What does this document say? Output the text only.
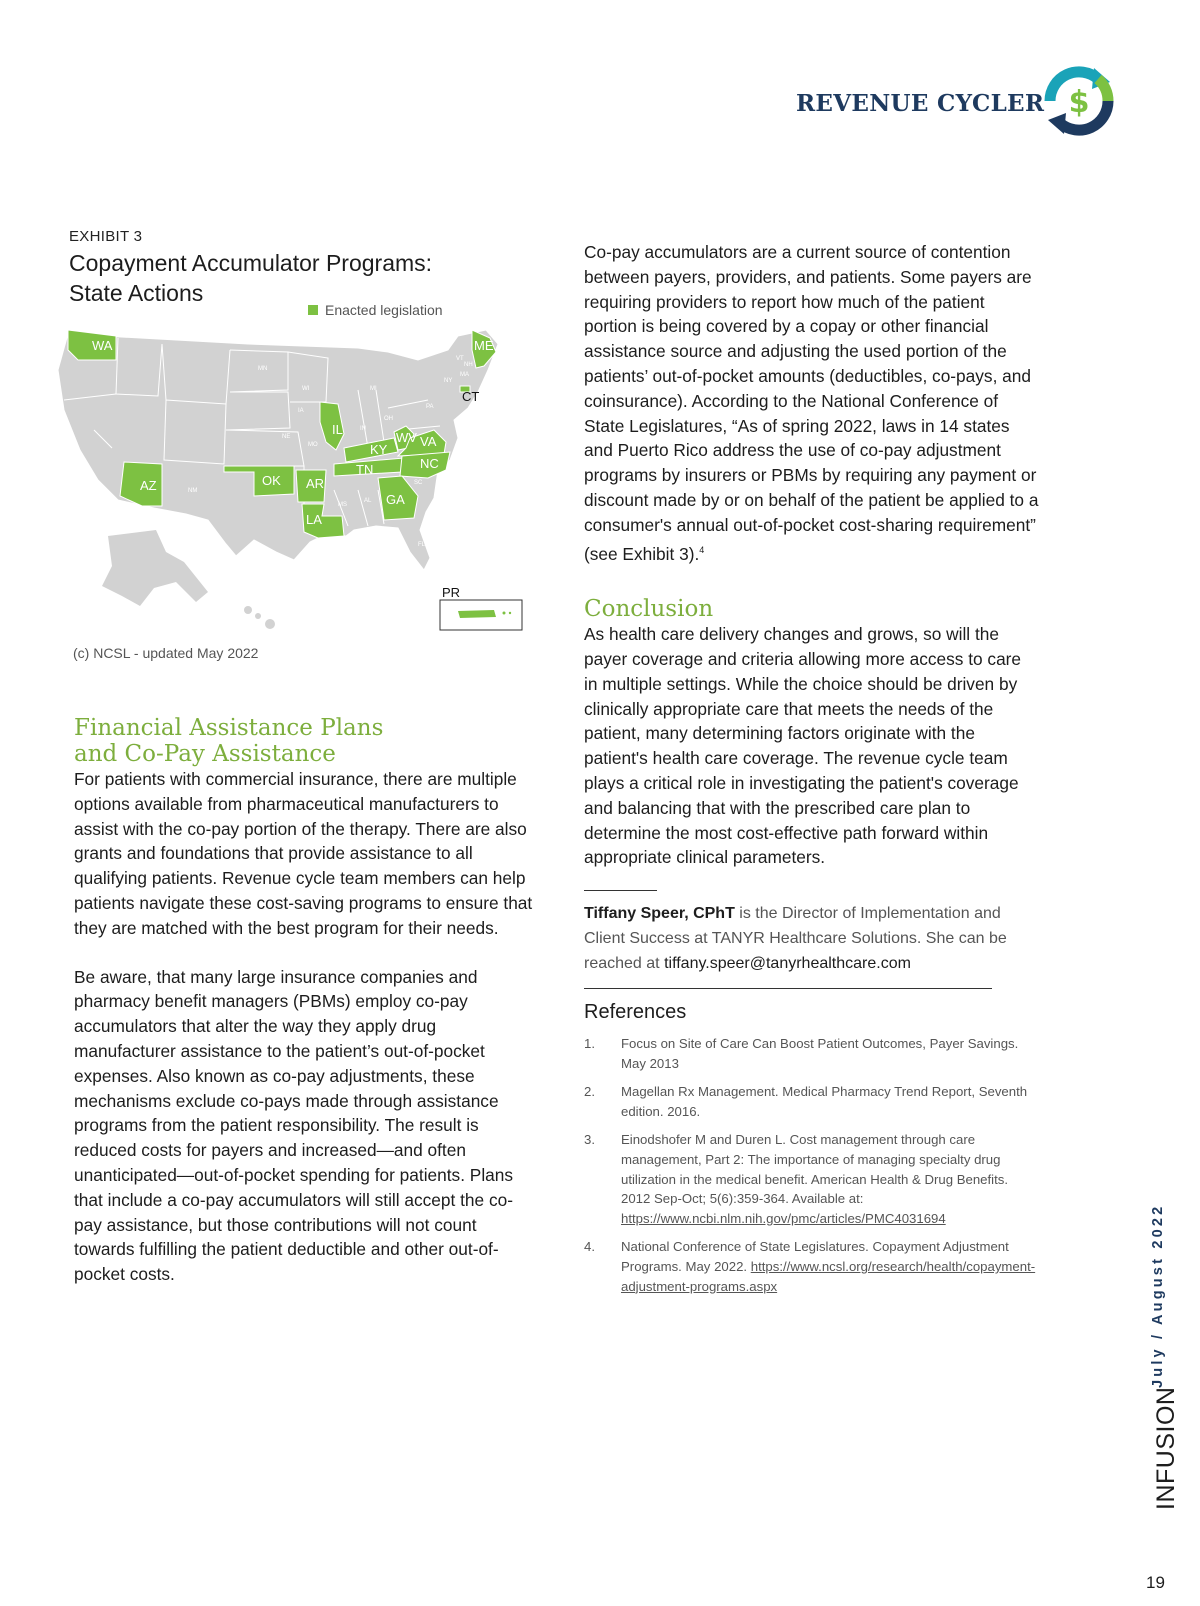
REVENUE CYCLER $
EXHIBIT 3
Copayment Accumulator Programs:
State Actions
Enacted legislation
WA
AZ	OK AR
LA
IL
KY
TN
WV VA
NC
GA
ME
CT
MN
WI	MI
IA
OH
IN
MO
NY
PA
MS
AL
SC
FL
NH
VT
MA
NM
NE
PR
(c) NCSL - updated May 2022
Financial Assistance Plans
and Co-Pay Assistance

For patients with commercial insurance, there are multiple options available from pharmaceutical manufacturers to assist with the co-pay portion of the therapy. There are also grants and foundations that provide assistance to all qualifying patients. Revenue cycle team members can help patients navigate these cost-saving programs to ensure that they are matched with the best program for their needs.

Be aware, that many large insurance companies and pharmacy benefit managers (PBMs) employ co-pay accumulators that alter the way they apply drug manufacturer assistance to the patient’s out-of-pocket expenses. Also known as co-pay adjustments, these mechanisms exclude co-pays made through assistance programs from the patient responsibility. The result is reduced costs for payers and increased—and often unanticipated—out-of-pocket spending for patients. Plans that include a co-pay accumulators will still accept the co-pay assistance, but those contributions will not count towards fulfilling the patient deductible and other out-of-pocket costs.

Co-pay accumulators are a current source of contention between payers, providers, and patients. Some payers are requiring providers to report how much of the patient portion is being covered by a copay or other financial assistance source and adjusting the used portion of the patients’ out-of-pocket amounts (deductibles, co-pays, and coinsurance). According to the National Conference of State Legislatures, “As of spring 2022, laws in 14 states and Puerto Rico address the use of co-pay adjustment programs by insurers or PBMs by requiring any payment or discount made by or on behalf of the patient be applied to a consumer's annual out-of-pocket cost-sharing requirement” (see Exhibit 3).$^4$

Conclusion

As health care delivery changes and grows, so will the payer coverage and criteria allowing more access to care in multiple settings. While the choice should be driven by clinically appropriate care that meets the needs of the patient, many determining factors originate with the patient's health care coverage. The revenue cycle team plays a critical role in investigating the patient's coverage and balancing that with the prescribed care plan to determine the most cost-effective path forward within appropriate clinical parameters.

Tiffany Speer, CPhT is the Director of Implementation and Client Success at TANYR Healthcare Solutions. She can be reached at tiffany.speer@tanyrhealthcare.com

References
1.	Focus on Site of Care Can Boost Patient Outcomes, Payer Savings. May 2013
2.	Magellan Rx Management. Medical Pharmacy Trend Report, Seventh edition. 2016.
3.	Einodshofer M and Duren L. Cost management through care management, Part 2: The importance of managing specialty drug utilization in the medical benefit. American Health & Drug Benefits. 2012 Sep-Oct; 5(6):359-364. Available at: https://www.ncbi.nlm.nih.gov/pmc/articles/PMC4031694
4.	National Conference of State Legislatures. Copayment Adjustment Programs. May 2022. https://www.ncsl.org/research/health/copayment-adjustment-programs.aspx	July / August 2022
INFUSION
19
